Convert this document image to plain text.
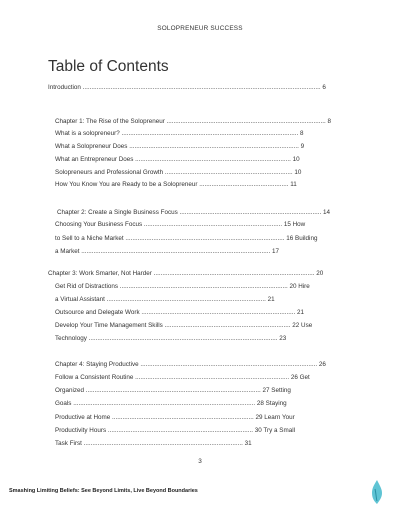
SOLOPRENEUR SUCCESS
Table of Contents
Introduction ........................................................................................................................................ 6
Chapter 1: The Rise of the Solopreneur ........................................................................................... 8
What is a solopreneur? ..................................................................................................... 8
What a Solopreneur Does ................................................................................................. 9
What an Entrepreneur Does ......................................................................................... 10
Solopreneurs and Professional Growth ......................................................................... 10
How You Know You are Ready to be a Solopreneur ................................................... 11
Chapter 2: Create a Single Business Focus ................................................................................. 14
Choosing Your Business Focus ............................................................................... 15 How
to Sell to a Niche Market ........................................................................................... 16 Building
a Market ............................................................................................................ 17
Chapter 3: Work Smarter, Not Harder ............................................................................................ 20
Get Rid of Distractions ................................................................................................ 20 Hire
a Virtual Assistant ........................................................................................... 21
Outsource and Delegate Work ........................................................................................ 21
Develop Your Time Management Skills ........................................................................ 22 Use
Technology ............................................................................................................ 23
Chapter 4: Staying Productive ..................................................................................................... 26
Follow a Consistent Routine ........................................................................................ 26 Get
Organized .................................................................................................... 27 Setting
Goals ........................................................................................................ 28 Staying
Productive at Home ................................................................................. 29 Learn Your
Productivity Hours ................................................................................... 30 Try a Small
Task First ........................................................................................... 31
3
Smashing Limiting Beliefs: See Beyond Limits, Live Beyond Boundaries
